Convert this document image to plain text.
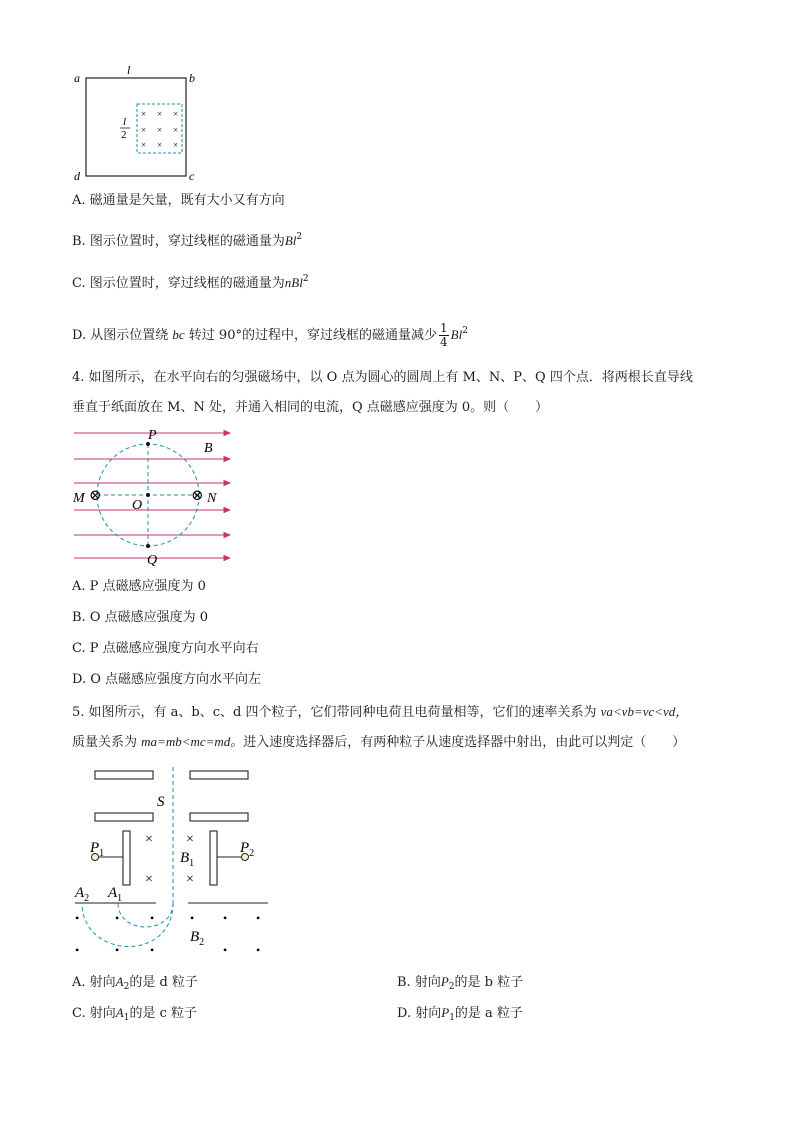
a
l
b
d	c
l
2
× × ×
× × ×
× × ×
A. 磁通量是矢量，既有大小又有方向
B. 图示位置时，穿过线框的磁通量为Bl$^2$
C. 图示位置时，穿过线框的磁通量为nBl$^2$
D. 从图示位置绕 bc 转过 90°的过程中，穿过线框的磁通量减少 $\frac{1}{4} Bl^2$
4. 如图所示，在水平向右的匀强磁场中，以 O 点为圆心的圆周上有 M、N、P、Q 四个点．将两根长直导线
垂直于纸面放在 M、N 处，并通入相同的电流，Q 点磁感应强度为 0。则（　　）
⊗	⊗
P
B
M	N
O
Q
A. P 点磁感应强度为 0
B. O 点磁感应强度为 0
C. P 点磁感应强度方向水平向右
D. O 点磁感应强度方向水平向左
5. 如图所示，有 a、b、c、d 四个粒子，它们带同种电荷且电荷量相等，它们的速率关系为 va<vb=vc<vd，
质量关系为 ma=mb<mc=md。进入速度选择器后，有两种粒子从速度选择器中射出，由此可以判定（　　）
S
$P_1$	$P_2$
× ×
× ×
$B_1$
$A_2$ $A_1$
•	•	•	• • •
•	•	•	• •
$B_2$
A. 射向$A_2$的是 d 粒子	B. 射向$P_2$的是 b 粒子
C. 射向$A_1$的是 c 粒子	D. 射向$P_1$的是 a 粒子
